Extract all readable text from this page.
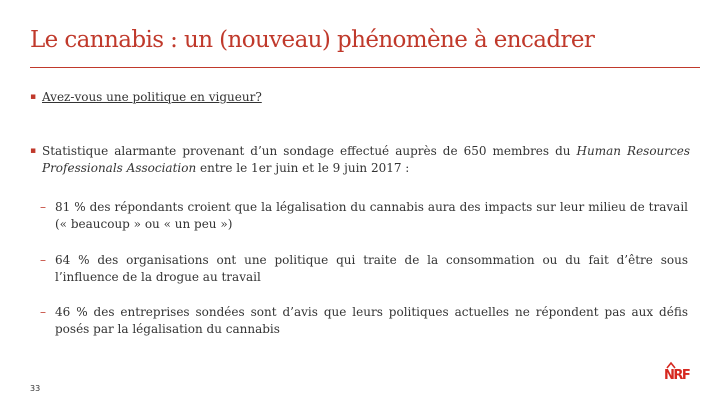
Le cannabis : un (nouveau) phénomène à encadrer
▪ Avez-vous une politique en vigueur?
▪ Statistique alarmante provenant d’un sondage effectué auprès de 650 membres du Human Resources Professionals Association entre le 1er juin et le 9 juin 2017 :
– 81 % des répondants croient que la légalisation du cannabis aura des impacts sur leur milieu de travail (« beaucoup » ou « un peu »)
– 64 % des organisations ont une politique qui traite de la consommation ou du fait d’être sous l’influence de la drogue au travail
– 46 % des entreprises sondées sont d’avis que leurs politiques actuelles ne répondent pas aux défis posés par la légalisation du cannabis
33
NRF
